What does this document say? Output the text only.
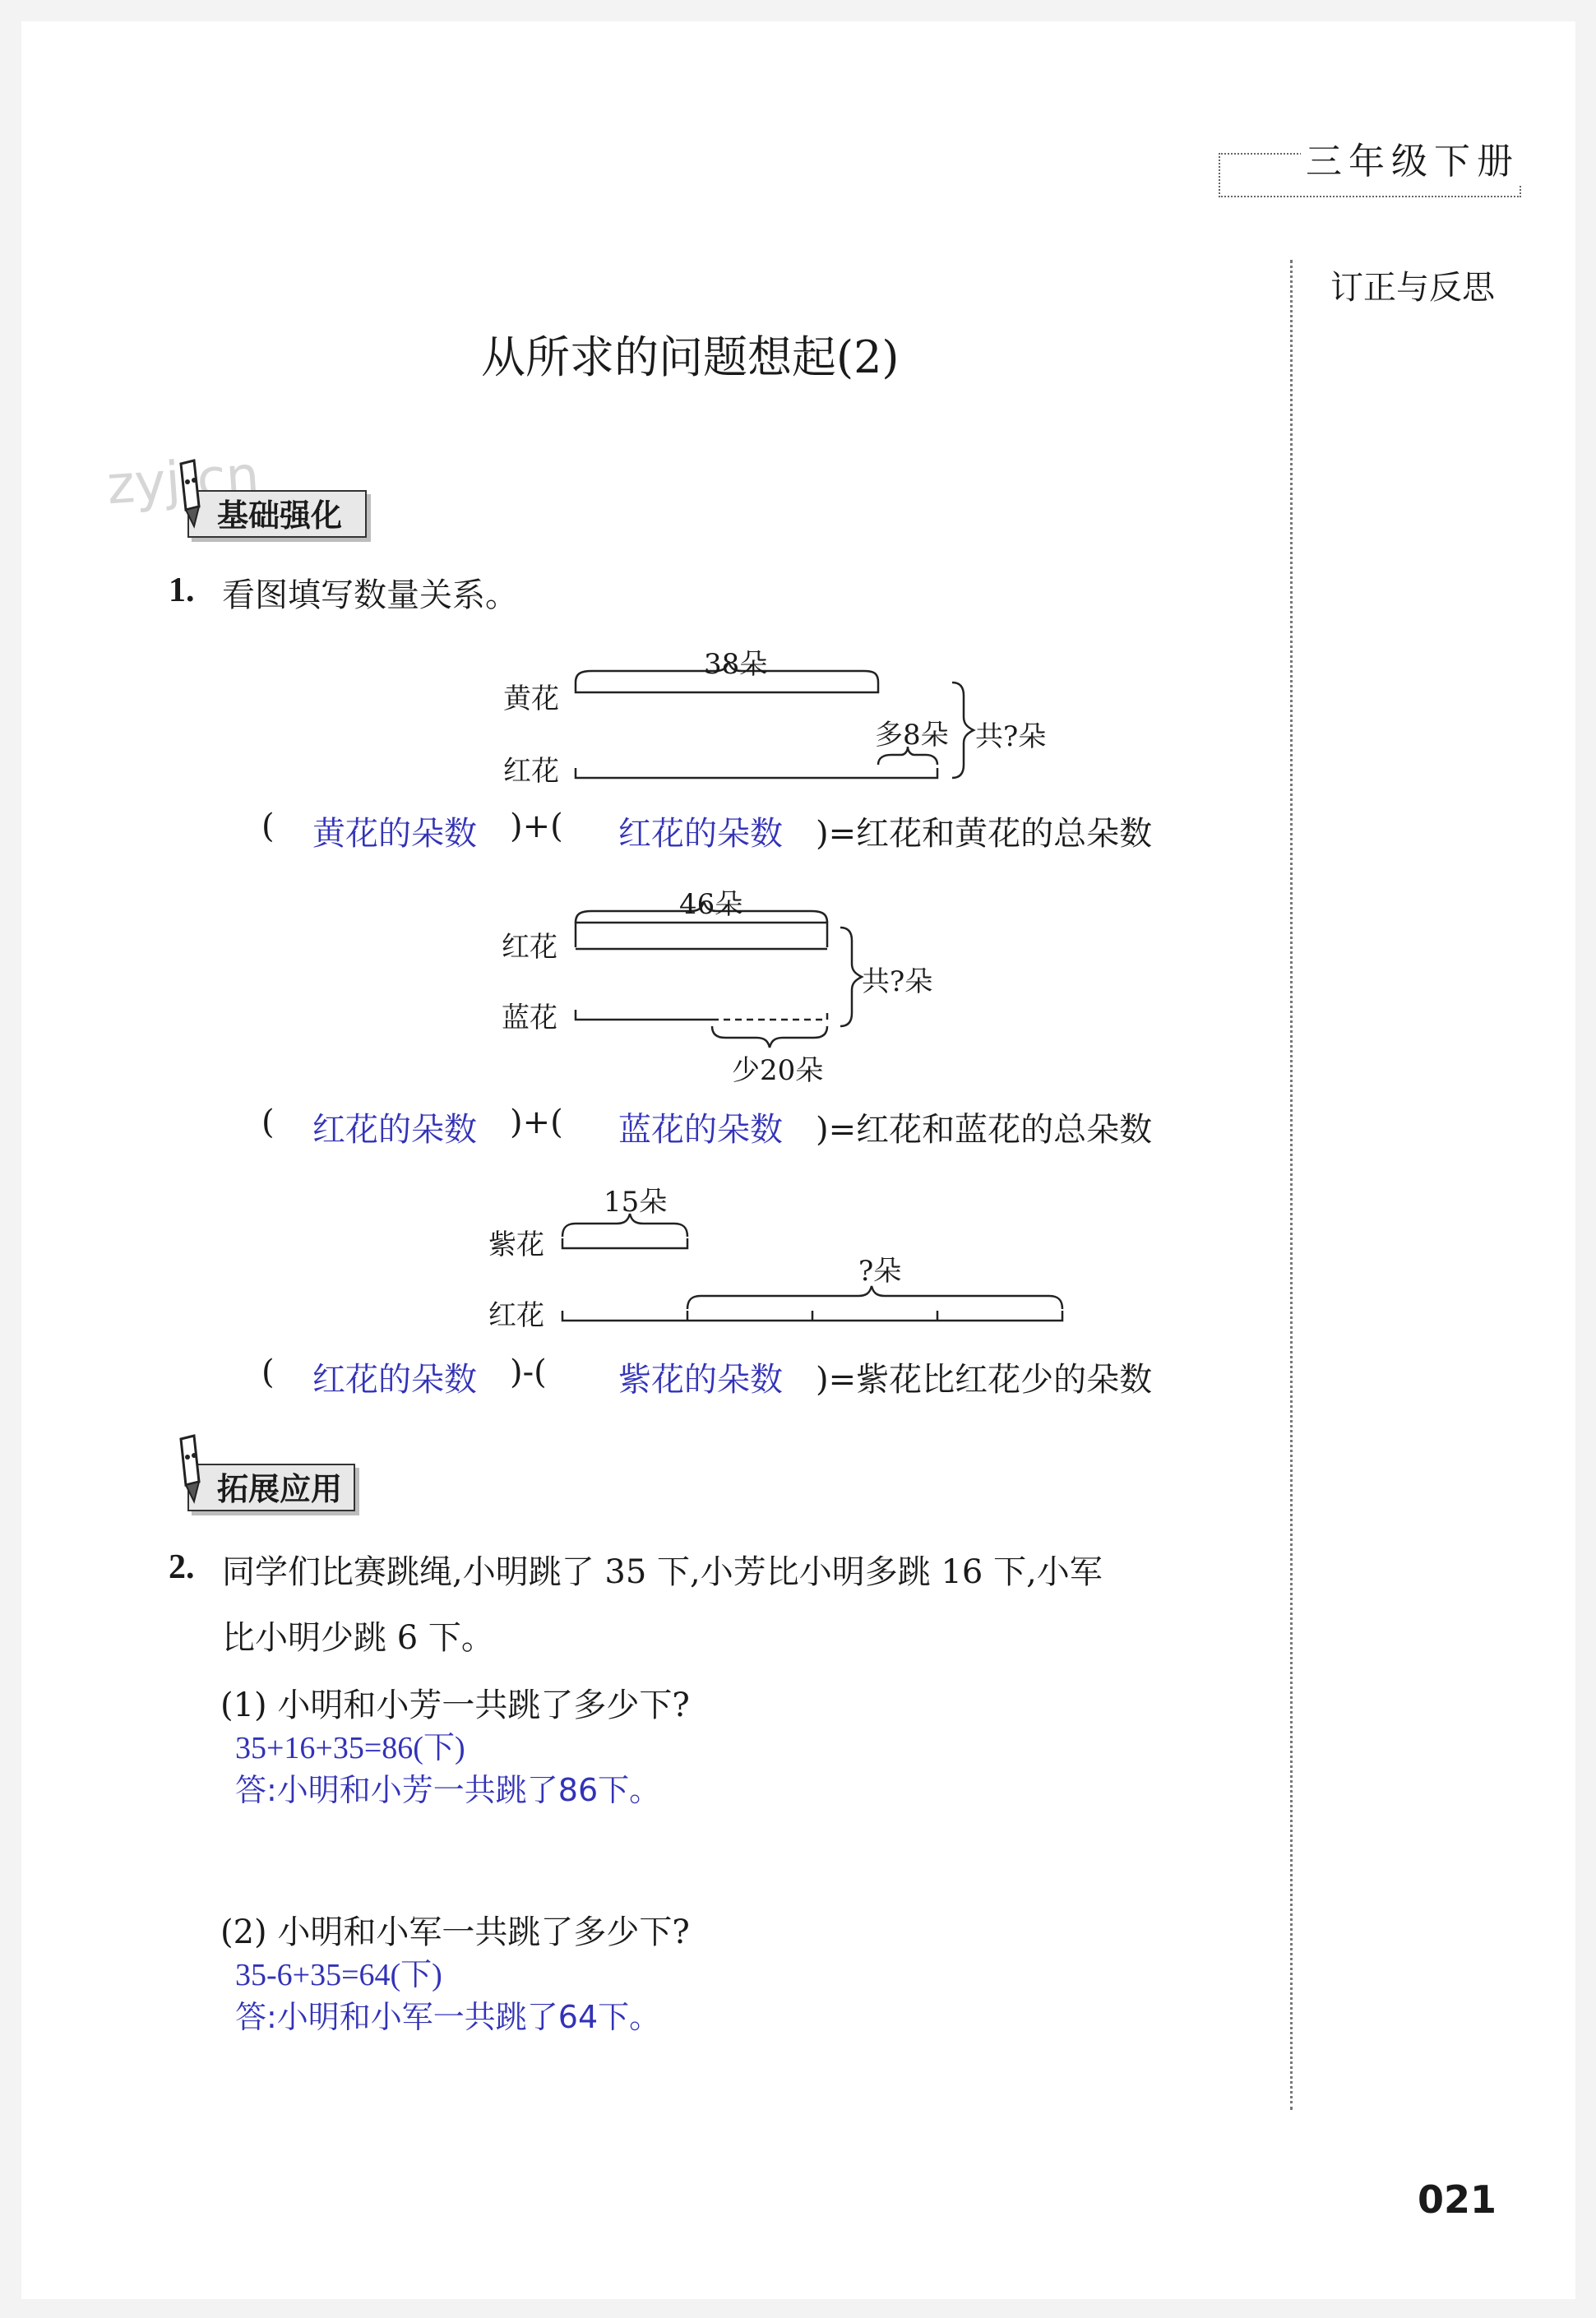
三年级下册
订正与反思
从所求的问题想起(2)
基础强化
1. 看图填写数量关系。
黄花
红花
38朵
多8朵 共?朵
( 黄花的朵数 )+( 红花的朵数 )=红花和黄花的总朵数
红花
蓝花
46朵
少20朵
共?朵
( 红花的朵数 )+( 蓝花的朵数 )=红花和蓝花的总朵数
紫花
红花
15朵
?朵
( 红花的朵数 )-( 紫花的朵数 )=紫花比红花少的朵数
拓展应用
2. 同学们比赛跳绳,小明跳了 35 下,小芳比小明多跳 16 下,小军
比小明少跳 6 下。
(1) 小明和小芳一共跳了多少下?
35+16+35=86(下)
答:小明和小芳一共跳了86下。
(2) 小明和小军一共跳了多少下?
35-6+35=64(下)
答:小明和小军一共跳了64下。
021
